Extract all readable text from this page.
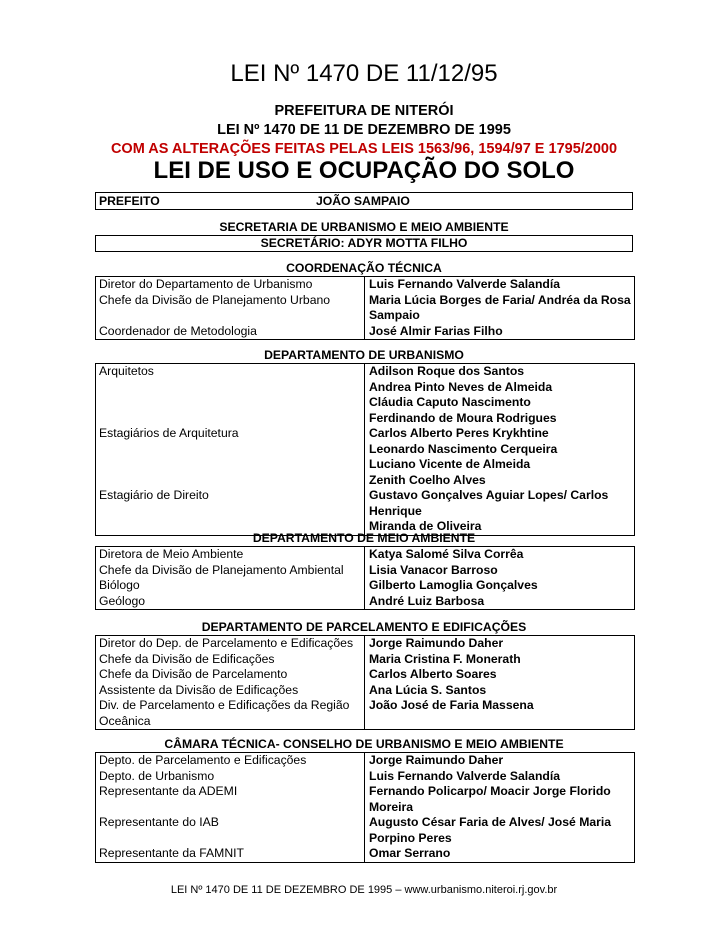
LEI Nº 1470 DE 11/12/95
PREFEITURA DE NITERÓI
LEI Nº 1470 DE 11 DE DEZEMBRO DE 1995
COM AS ALTERAÇÕES FEITAS PELAS LEIS 1563/96, 1594/97 E 1795/2000
LEI DE USO E OCUPAÇÃO DO SOLO
PREFEITO	JOÃO SAMPAIO
SECRETARIA DE URBANISMO E MEIO AMBIENTE
SECRETÁRIO: ADYR MOTTA FILHO
COORDENAÇÃO TÉCNICA
Diretor do Departamento de Urbanismo	Luis Fernando Valverde Salandía
Chefe da Divisão de Planejamento Urbano	Maria Lúcia Borges de Faria/ Andréa da Rosa
	Sampaio
Coordenador de Metodologia	José Almir Farias Filho
DEPARTAMENTO DE URBANISMO
Arquitetos	Adilson Roque dos Santos
	Andrea Pinto Neves de Almeida
	Cláudia Caputo Nascimento
	Ferdinando de Moura Rodrigues
Estagiários de Arquitetura	Carlos Alberto Peres Krykhtine
	Leonardo Nascimento Cerqueira
	Luciano Vicente de Almeida
	Zenith Coelho Alves
Estagiário de Direito	Gustavo Gonçalves Aguiar Lopes/ Carlos
	Henrique
	Miranda de Oliveira
DEPARTAMENTO DE MEIO AMBIENTE
Diretora de Meio Ambiente	Katya Salomé Silva Corrêa
Chefe da Divisão de Planejamento Ambiental	Lisia Vanacor Barroso
Biólogo	Gilberto Lamoglia Gonçalves
Geólogo	André Luiz Barbosa
DEPARTAMENTO DE PARCELAMENTO E EDIFICAÇÕES
Diretor do Dep. de Parcelamento e Edificações	Jorge Raimundo Daher
Chefe da Divisão de Edificações	Maria Cristina F. Monerath
Chefe da Divisão de Parcelamento	Carlos Alberto Soares
Assistente da Divisão de Edificações	Ana Lúcia S. Santos
Div. de Parcelamento e Edificações da Região	João José de Faria Massena
Oceânica	
CÂMARA TÉCNICA- CONSELHO DE URBANISMO E MEIO AMBIENTE
Depto. de Parcelamento e Edificações	Jorge Raimundo Daher
Depto. de Urbanismo	Luis Fernando Valverde Salandía
Representante da ADEMI	Fernando Policarpo/ Moacir Jorge Florido
	Moreira
Representante do IAB	Augusto César Faria de Alves/ José Maria
	Porpino Peres
Representante da FAMNIT	Omar Serrano
LEI Nº 1470 DE 11 DE DEZEMBRO DE 1995 – www.urbanismo.niteroi.rj.gov.br
